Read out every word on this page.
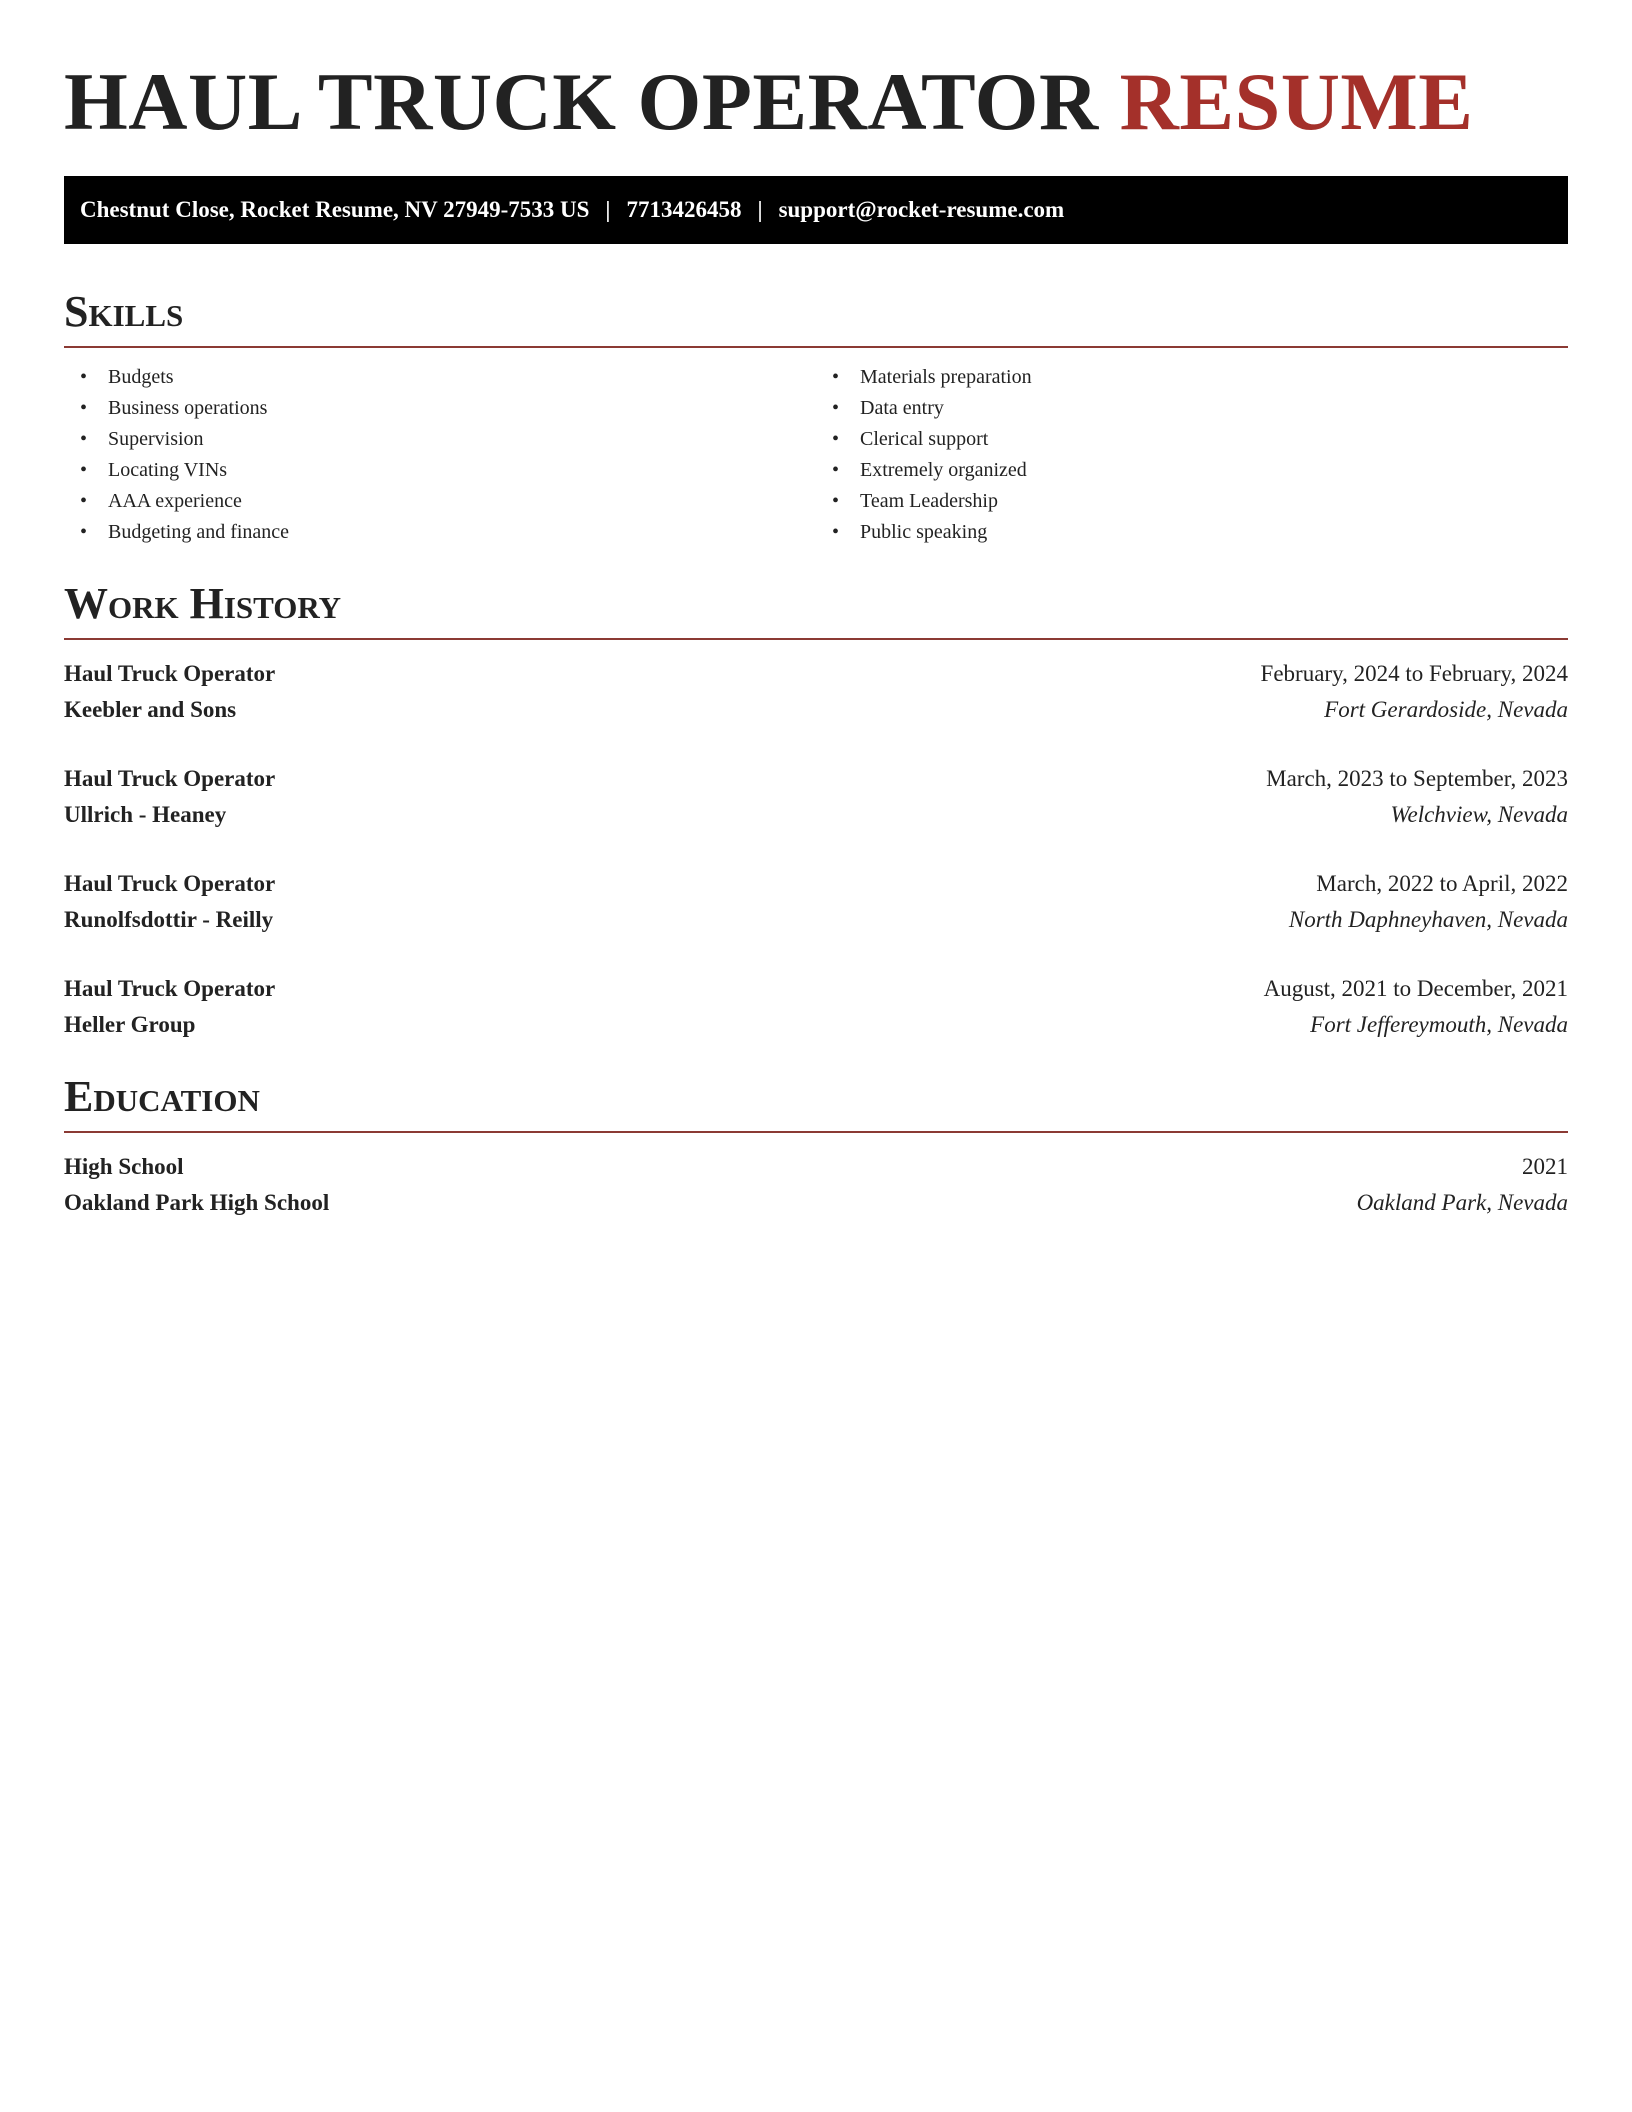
HAUL TRUCK OPERATOR RESUME
Chestnut Close, Rocket Resume, NV 27949-7533 US | 7713426458 | support@rocket-resume.com
Skills
• Budgets
• Business operations
• Supervision
• Locating VINs
• AAA experience
• Budgeting and finance
• Materials preparation
• Data entry
• Clerical support
• Extremely organized
• Team Leadership
• Public speaking
Work History
Haul Truck Operator
Keebler and Sons
February, 2024 to February, 2024
Fort Gerardoside, Nevada
Haul Truck Operator
Ullrich - Heaney
March, 2023 to September, 2023
Welchview, Nevada
Haul Truck Operator
Runolfsdottir - Reilly
March, 2022 to April, 2022
North Daphneyhaven, Nevada
Haul Truck Operator
Heller Group
August, 2021 to December, 2021
Fort Jeffereymouth, Nevada
Education
High School
Oakland Park High School
2021
Oakland Park, Nevada
